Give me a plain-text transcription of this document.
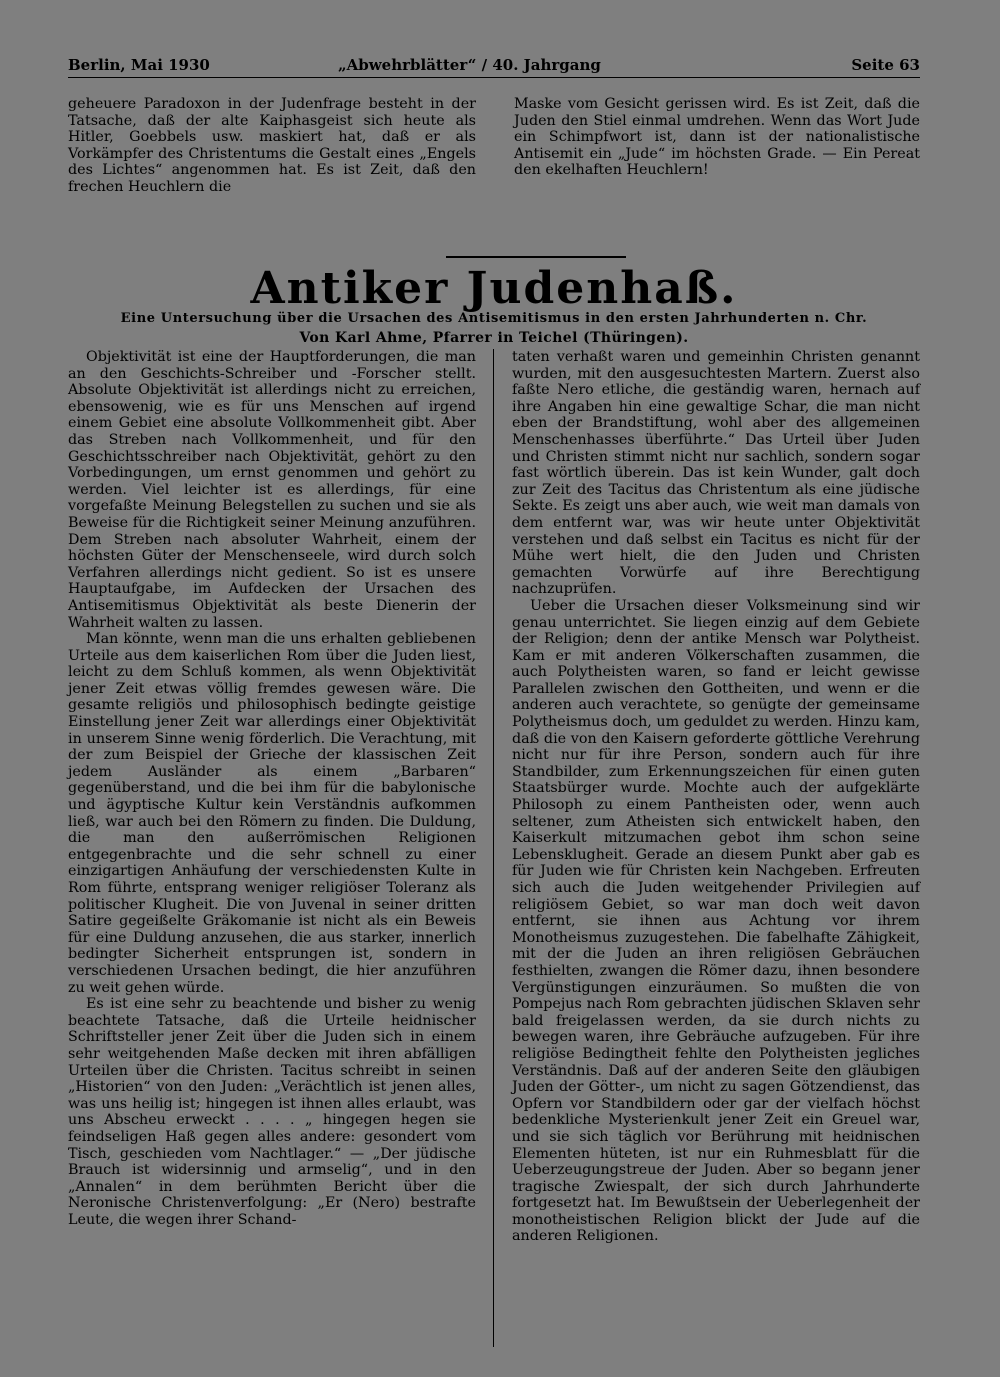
Berlin, Mai 1930	„Abwehrblätter“ / 40. Jahrgang	Seite 63

geheuere Paradoxon in der Judenfrage besteht in der Tatsache, daß der alte Kaiphasgeist sich heute als Hitler, Goebbels usw. maskiert hat, daß er als Vorkämpfer des Christentums die Gestalt eines „Engels des Lichtes“ angenommen hat. Es ist Zeit, daß den frechen Heuchlern die

Maske vom Gesicht gerissen wird. Es ist Zeit, daß die Juden den Stiel einmal umdrehen. Wenn das Wort Jude ein Schimpfwort ist, dann ist der nationalistische Antisemit ein „Jude“ im höchsten Grade. — Ein Pereat den ekelhaften Heuchlern!

Antiker Judenhaß.
Eine Untersuchung über die Ursachen des Antisemitismus in den ersten Jahrhunderten n. Chr.
Von Karl Ahme, Pfarrer in Teichel (Thüringen).

Objektivität ist eine der Hauptforderungen, die man an den Geschichts-Schreiber und -Forscher stellt. Absolute Objektivität ist allerdings nicht zu erreichen, ebensowenig, wie es für uns Menschen auf irgend einem Gebiet eine absolute Vollkommenheit gibt. Aber das Streben nach Vollkommenheit, und für den Geschichtsschreiber nach Objektivität, gehört zu den Vorbedingungen, um ernst genommen und gehört zu werden. Viel leichter ist es allerdings, für eine vorgefaßte Meinung Belegstellen zu suchen und sie als Beweise für die Richtigkeit seiner Meinung anzuführen. Dem Streben nach absoluter Wahrheit, einem der höchsten Güter der Menschenseele, wird durch solch Verfahren allerdings nicht gedient. So ist es unsere Hauptaufgabe, im Aufdecken der Ursachen des Antisemitismus Objektivität als beste Dienerin der Wahrheit walten zu lassen.

Man könnte, wenn man die uns erhalten gebliebenen Urteile aus dem kaiserlichen Rom über die Juden liest, leicht zu dem Schluß kommen, als wenn Objektivität jener Zeit etwas völlig fremdes gewesen wäre. Die gesamte religiös und philosophisch bedingte geistige Einstellung jener Zeit war allerdings einer Objektivität in unserem Sinne wenig förderlich. Die Verachtung, mit der zum Beispiel der Grieche der klassischen Zeit jedem Ausländer als einem „Barbaren“ gegenüberstand, und die bei ihm für die babylonische und ägyptische Kultur kein Verständnis aufkommen ließ, war auch bei den Römern zu finden. Die Duldung, die man den außerrömischen Religionen entgegenbrachte und die sehr schnell zu einer einzigartigen Anhäufung der verschiedensten Kulte in Rom führte, entsprang weniger religiöser Toleranz als politischer Klugheit. Die von Juvenal in seiner dritten Satire gegeißelte Gräkomanie ist nicht als ein Beweis für eine Duldung anzusehen, die aus starker, innerlich bedingter Sicherheit entsprungen ist, sondern in verschiedenen Ursachen bedingt, die hier anzuführen zu weit gehen würde.

Es ist eine sehr zu beachtende und bisher zu wenig beachtete Tatsache, daß die Urteile heidnischer Schriftsteller jener Zeit über die Juden sich in einem sehr weitgehenden Maße decken mit ihren abfälligen Urteilen über die Christen. Tacitus schreibt in seinen „Historien“ von den Juden: „Verächtlich ist jenen alles, was uns heilig ist; hingegen ist ihnen alles erlaubt, was uns Abscheu erweckt . . . . „ hingegen hegen sie feindseligen Haß gegen alles andere: gesondert vom Tisch, geschieden vom Nachtlager.“ — „Der jüdische Brauch ist widersinnig und armselig“, und in den „Annalen“ in dem berühmten Bericht über die Neronische Christenverfolgung: „Er (Nero) bestrafte Leute, die wegen ihrer Schand-

taten verhaßt waren und gemeinhin Christen genannt wurden, mit den ausgesuchtesten Martern. Zuerst also faßte Nero etliche, die geständig waren, hernach auf ihre Angaben hin eine gewaltige Schar, die man nicht eben der Brandstiftung, wohl aber des allgemeinen Menschenhasses überführte.“ Das Urteil über Juden und Christen stimmt nicht nur sachlich, sondern sogar fast wörtlich überein. Das ist kein Wunder, galt doch zur Zeit des Tacitus das Christentum als eine jüdische Sekte. Es zeigt uns aber auch, wie weit man damals von dem entfernt war, was wir heute unter Objektivität verstehen und daß selbst ein Tacitus es nicht für der Mühe wert hielt, die den Juden und Christen gemachten Vorwürfe auf ihre Berechtigung nachzuprüfen.

Ueber die Ursachen dieser Volksmeinung sind wir genau unterrichtet. Sie liegen einzig auf dem Gebiete der Religion; denn der antike Mensch war Polytheist. Kam er mit anderen Völkerschaften zusammen, die auch Polytheisten waren, so fand er leicht gewisse Parallelen zwischen den Gottheiten, und wenn er die anderen auch verachtete, so genügte der gemeinsame Polytheismus doch, um geduldet zu werden. Hinzu kam, daß die von den Kaisern geforderte göttliche Verehrung nicht nur für ihre Person, sondern auch für ihre Standbilder, zum Erkennungszeichen für einen guten Staatsbürger wurde. Mochte auch der aufgeklärte Philosoph zu einem Pantheisten oder, wenn auch seltener, zum Atheisten sich entwickelt haben, den Kaiserkult mitzumachen gebot ihm schon seine Lebensklugheit. Gerade an diesem Punkt aber gab es für Juden wie für Christen kein Nachgeben. Erfreuten sich auch die Juden weitgehender Privilegien auf religiösem Gebiet, so war man doch weit davon entfernt, sie ihnen aus Achtung vor ihrem Monotheismus zuzugestehen. Die fabelhafte Zähigkeit, mit der die Juden an ihren religiösen Gebräuchen festhielten, zwangen die Römer dazu, ihnen besondere Vergünstigungen einzuräumen. So mußten die von Pompejus nach Rom gebrachten jüdischen Sklaven sehr bald freigelassen werden, da sie durch nichts zu bewegen waren, ihre Gebräuche aufzugeben. Für ihre religiöse Bedingtheit fehlte den Polytheisten jegliches Verständnis. Daß auf der anderen Seite den gläubigen Juden der Götter-, um nicht zu sagen Götzendienst, das Opfern vor Standbildern oder gar der vielfach höchst bedenkliche Mysterienkult jener Zeit ein Greuel war, und sie sich täglich vor Berührung mit heidnischen Elementen hüteten, ist nur ein Ruhmesblatt für die Ueberzeugungstreue der Juden. Aber so begann jener tragische Zwiespalt, der sich durch Jahrhunderte fortgesetzt hat. Im Bewußtsein der Ueberlegenheit der monotheistischen Religion blickt der Jude auf die anderen Religionen.
